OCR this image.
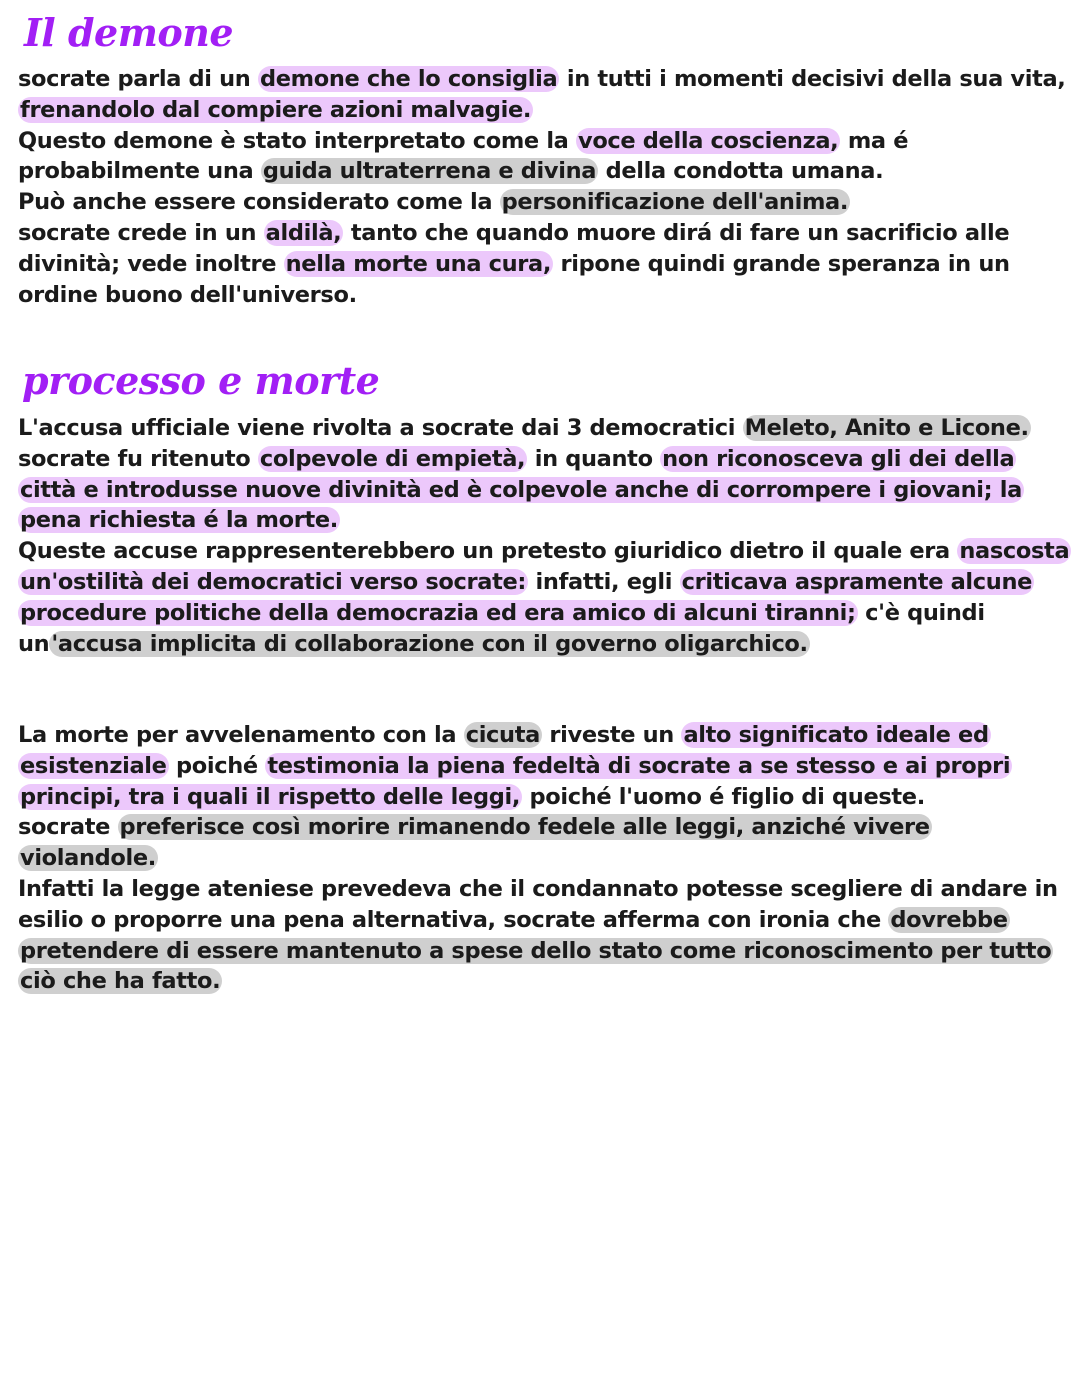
Il demone
socrate parla di un demone che lo consiglia in tutti i momenti decisivi della sua vita, frenandolo dal compiere azioni malvagie.
Questo demone è stato interpretato come la voce della coscienza, ma é probabilmente una guida ultraterrena e divina della condotta umana.
Può anche essere considerato come la personificazione dell'anima.
socrate crede in un aldilà, tanto che quando muore dirá di fare un sacrificio alle divinità; vede inoltre nella morte una cura, ripone quindi grande speranza in un ordine buono dell'universo.
processo e morte
L'accusa ufficiale viene rivolta a socrate dai 3 democratici Meleto, Anito e Licone.
socrate fu ritenuto colpevole di empietà, in quanto non riconosceva gli dei della città e introdusse nuove divinità ed è colpevole anche di corrompere i giovani; la pena richiesta é la morte.
Queste accuse rappresenterebbero un pretesto giuridico dietro il quale era nascosta un'ostilità dei democratici verso socrate: infatti, egli criticava aspramente alcune procedure politiche della democrazia ed era amico di alcuni tiranni; c'è quindi un'accusa implicita di collaborazione con il governo oligarchico.
La morte per avvelenamento con la cicuta riveste un alto significato ideale ed esistenziale poiché testimonia la piena fedeltà di socrate a se stesso e ai propri principi, tra i quali il rispetto delle leggi, poiché l'uomo é figlio di queste.
socrate preferisce così morire rimanendo fedele alle leggi, anziché vivere violandole.
Infatti la legge ateniese prevedeva che il condannato potesse scegliere di andare in esilio o proporre una pena alternativa, socrate afferma con ironia che dovrebbe pretendere di essere mantenuto a spese dello stato come riconoscimento per tutto ciò che ha fatto.
